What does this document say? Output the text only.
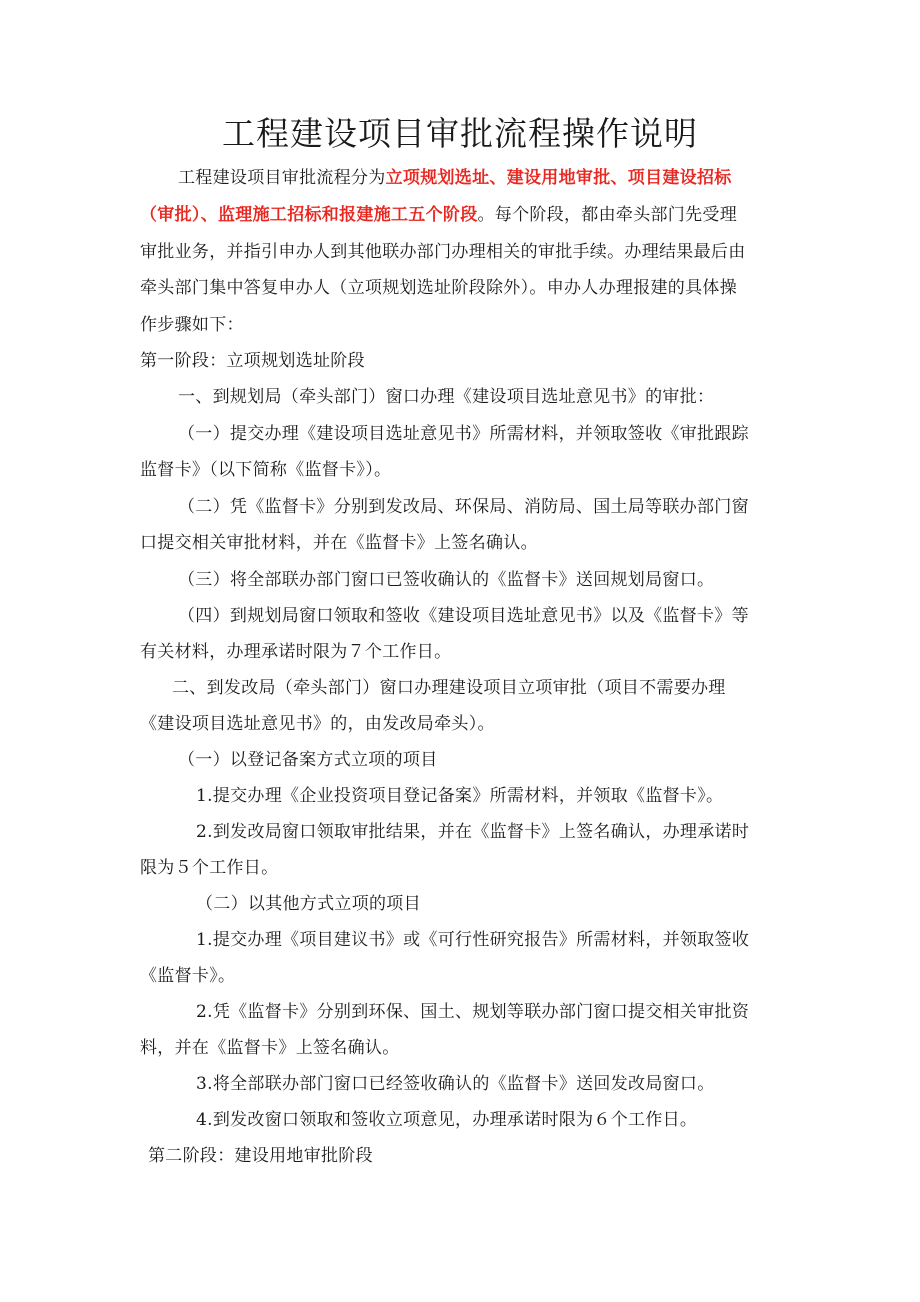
工程建设项目审批流程操作说明
工程建设项目审批流程分为立项规划选址、建设用地审批、项目建设招标
（审批）、监理施工招标和报建施工五个阶段。每个阶段，都由牵头部门先受理
审批业务，并指引申办人到其他联办部门办理相关的审批手续。办理结果最后由
牵头部门集中答复申办人（立项规划选址阶段除外）。申办人办理报建的具体操
作步骤如下：
第一阶段：立项规划选址阶段
一、到规划局（牵头部门）窗口办理《建设项目选址意见书》的审批：
（一）提交办理《建设项目选址意见书》所需材料，并领取签收《审批跟踪
监督卡》（以下简称《监督卡》）。
（二）凭《监督卡》分别到发改局、环保局、消防局、国土局等联办部门窗
口提交相关审批材料，并在《监督卡》上签名确认。
（三）将全部联办部门窗口已签收确认的《监督卡》送回规划局窗口。
（四）到规划局窗口领取和签收《建设项目选址意见书》以及《监督卡》等
有关材料，办理承诺时限为７个工作日。
二、到发改局（牵头部门）窗口办理建设项目立项审批（项目不需要办理
《建设项目选址意见书》的，由发改局牵头）。
（一）以登记备案方式立项的项目
1.提交办理《企业投资项目登记备案》所需材料，并领取《监督卡》。
2.到发改局窗口领取审批结果，并在《监督卡》上签名确认，办理承诺时
限为５个工作日。
（二）以其他方式立项的项目
1.提交办理《项目建议书》或《可行性研究报告》所需材料，并领取签收
《监督卡》。
2.凭《监督卡》分别到环保、国土、规划等联办部门窗口提交相关审批资
料，并在《监督卡》上签名确认。
3.将全部联办部门窗口已经签收确认的《监督卡》送回发改局窗口。
4.到发改窗口领取和签收立项意见，办理承诺时限为６个工作日。
第二阶段：建设用地审批阶段
